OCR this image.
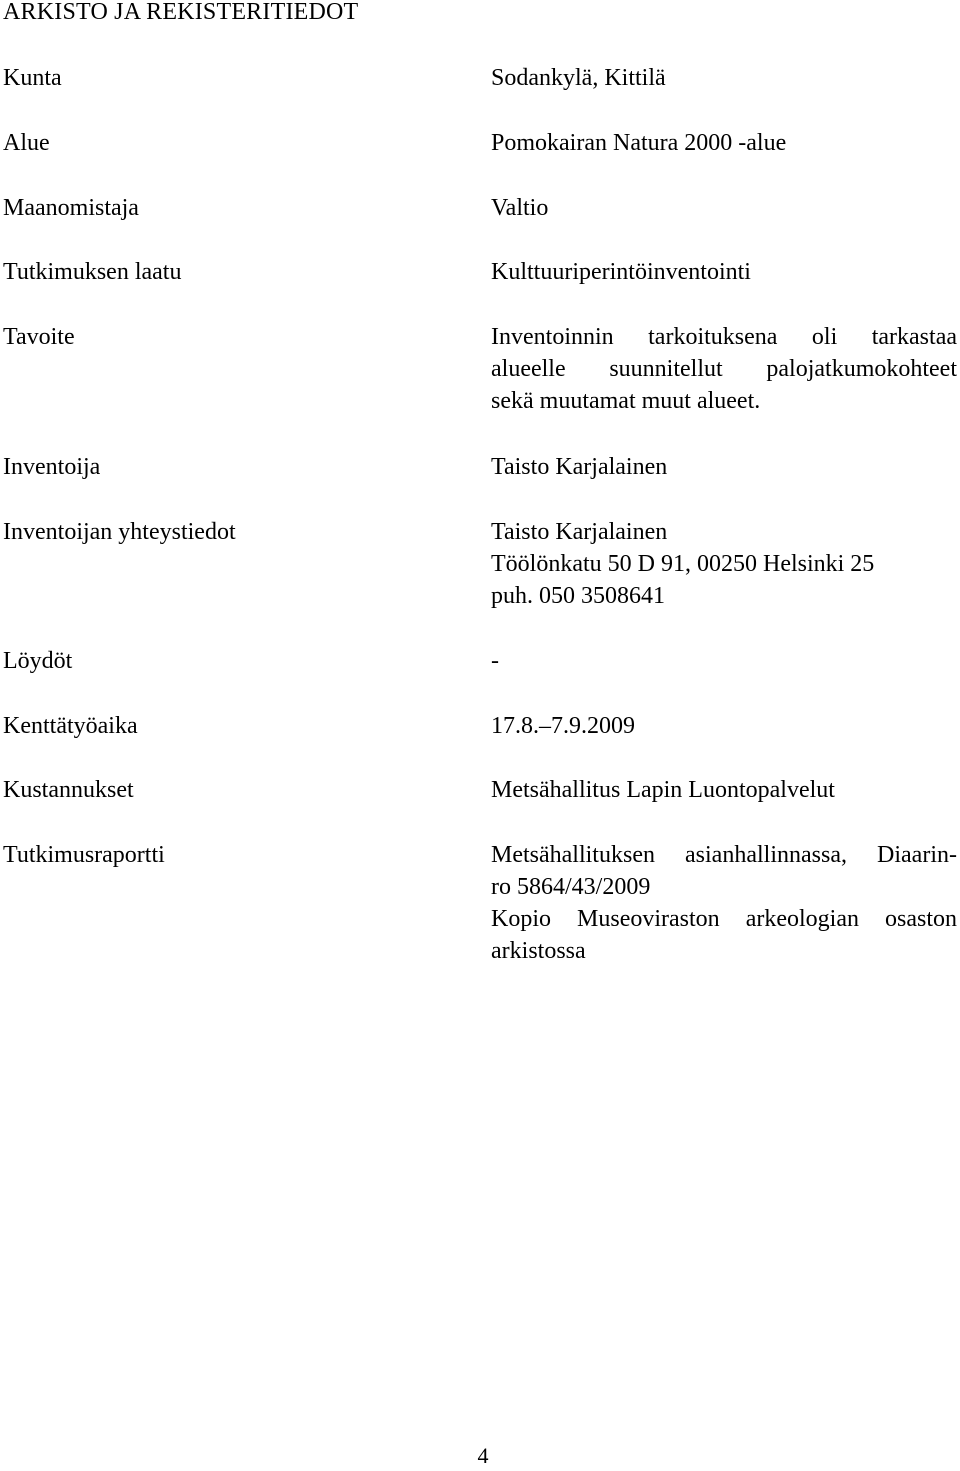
ARKISTO JA REKISTERITIEDOT
Kunta	Sodankylä, Kittilä
Alue	Pomokairan Natura 2000 -alue
Maanomistaja	Valtio
Tutkimuksen laatu	Kulttuuriperintöinventointi
Tavoite	Inventoinnin tarkoituksena oli tarkastaa
alueelle suunnitellut palojatkumokohteet
sekä muutamat muut alueet.
Inventoija	Taisto Karjalainen
Inventoijan yhteystiedot	Taisto Karjalainen
Töölönkatu 50 D 91, 00250 Helsinki 25
puh. 050 3508641
Löydöt	-
Kenttätyöaika	17.8.–7.9.2009
Kustannukset	Metsähallitus Lapin Luontopalvelut
Tutkimusraportti	Metsähallituksen asianhallinnassa, Diaarin-
ro 5864/43/2009
Kopio Museoviraston arkeologian osaston
arkistossa
4
